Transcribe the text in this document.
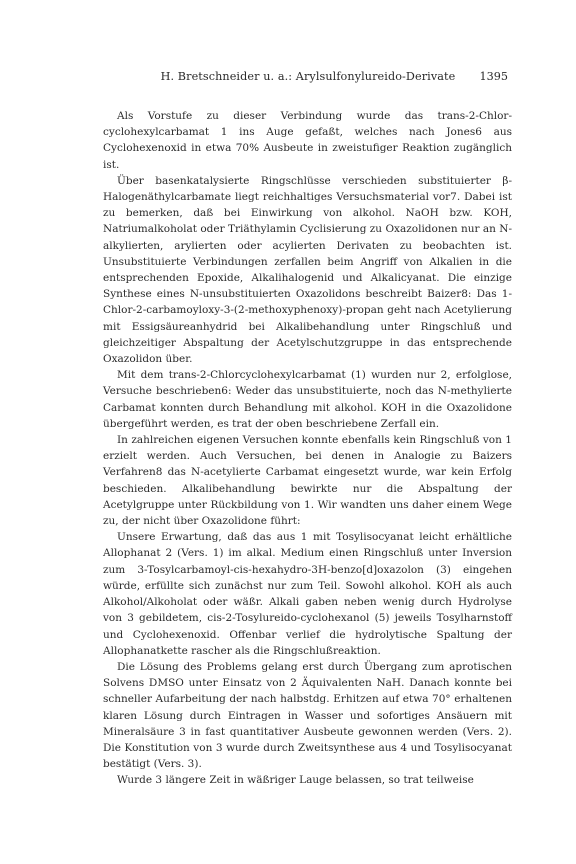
H. Bretschneider u. a.: Arylsulfonylureido-Derivate	1395

Als Vorstufe zu dieser Verbindung wurde das trans-2-Chlor-cyclohexylcarbamat 1 ins Auge gefaßt, welches nach Jones6 aus Cyclohexenoxid in etwa 70% Ausbeute in zweistufiger Reaktion zugänglich ist.

Über basenkatalysierte Ringschlüsse verschieden substituierter β-Halogenäthylcarbamate liegt reichhaltiges Versuchsmaterial vor7. Dabei ist zu bemerken, daß bei Einwirkung von alkohol. NaOH bzw. KOH, Natriumalkoholat oder Triäthylamin Cyclisierung zu Oxazolidonen nur an N-alkylierten, arylierten oder acylierten Derivaten zu beobachten ist. Unsubstituierte Verbindungen zerfallen beim Angriff von Alkalien in die entsprechenden Epoxide, Alkalihalogenid und Alkalicyanat. Die einzige Synthese eines N-unsubstituierten Oxazolidons beschreibt Baizer8: Das 1-Chlor-2-carbamoyloxy-3-(2-methoxyphenoxy)-propan geht nach Acetylierung mit Essigsäureanhydrid bei Alkalibehandlung unter Ringschluß und gleichzeitiger Abspaltung der Acetylschutzgruppe in das entsprechende Oxazolidon über.

Mit dem trans-2-Chlorcyclohexylcarbamat (1) wurden nur 2, erfolglose, Versuche beschrieben6: Weder das unsubstituierte, noch das N-methylierte Carbamat konnten durch Behandlung mit alkohol. KOH in die Oxazolidone übergeführt werden, es trat der oben beschriebene Zerfall ein.

In zahlreichen eigenen Versuchen konnte ebenfalls kein Ringschluß von 1 erzielt werden. Auch Versuchen, bei denen in Analogie zu Baizers Verfahren8 das N-acetylierte Carbamat eingesetzt wurde, war kein Erfolg beschieden. Alkalibehandlung bewirkte nur die Abspaltung der Acetylgruppe unter Rückbildung von 1. Wir wandten uns daher einem Wege zu, der nicht über Oxazolidone führt:

Unsere Erwartung, daß das aus 1 mit Tosylisocyanat leicht erhältliche Allophanat 2 (Vers. 1) im alkal. Medium einen Ringschluß unter Inversion zum 3-Tosylcarbamoyl-cis-hexahydro-3H-benzo[d]oxazolon (3) eingehen würde, erfüllte sich zunächst nur zum Teil. Sowohl alkohol. KOH als auch Alkohol/Alkoholat oder wäßr. Alkali gaben neben wenig durch Hydrolyse von 3 gebildetem, cis-2-Tosylureido-cyclohexanol (5) jeweils Tosylharnstoff und Cyclohexenoxid. Offenbar verlief die hydrolytische Spaltung der Allophanatkette rascher als die Ringschlußreaktion.

Die Lösung des Problems gelang erst durch Übergang zum aprotischen Solvens DMSO unter Einsatz von 2 Äquivalenten NaH. Danach konnte bei schneller Aufarbeitung der nach halbstdg. Erhitzen auf etwa 70° erhaltenen klaren Lösung durch Eintragen in Wasser und sofortiges Ansäuern mit Mineralsäure 3 in fast quantitativer Ausbeute gewonnen werden (Vers. 2). Die Konstitution von 3 wurde durch Zweitsynthese aus 4 und Tosylisocyanat bestätigt (Vers. 3).

Wurde 3 längere Zeit in wäßriger Lauge belassen, so trat teilweise
